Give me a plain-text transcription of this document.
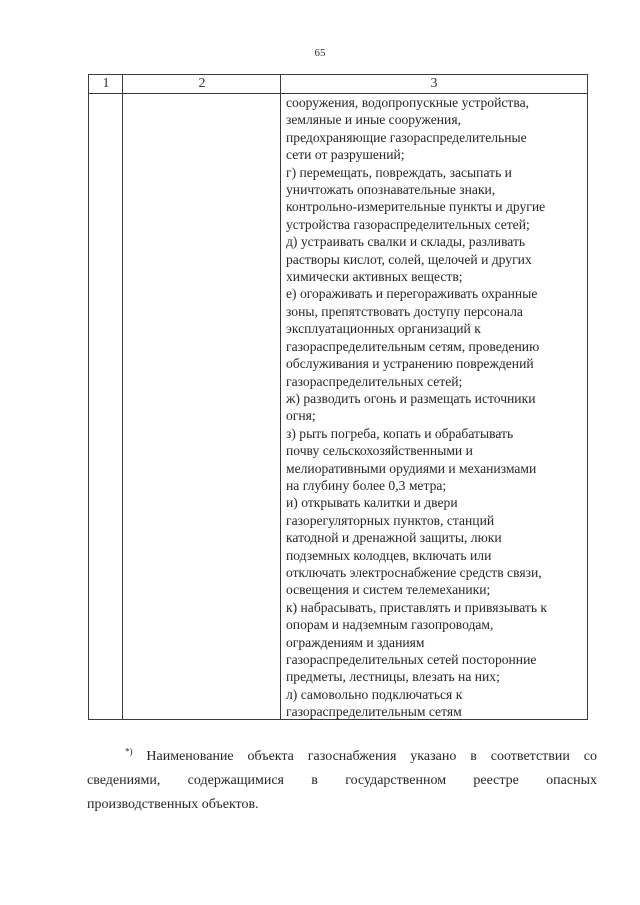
65
1	2	3
сооружения, водопропускные устройства,
земляные и иные сооружения,
предохраняющие газораспределительные
сети от разрушений;
г) перемещать, повреждать, засыпать и
уничтожать опознавательные знаки,
контрольно-измерительные пункты и другие
устройства газораспределительных сетей;
д) устраивать свалки и склады, разливать
растворы кислот, солей, щелочей и других
химически активных веществ;
е) огораживать и перегораживать охранные
зоны, препятствовать доступу персонала
эксплуатационных организаций к
газораспределительным сетям, проведению
обслуживания и устранению повреждений
газораспределительных сетей;
ж) разводить огонь и размещать источники
огня;
з) рыть погреба, копать и обрабатывать
почву сельскохозяйственными и
мелиоративными орудиями и механизмами
на глубину более 0,3 метра;
и) открывать калитки и двери
газорегуляторных пунктов, станций
катодной и дренажной защиты, люки
подземных колодцев, включать или
отключать электроснабжение средств связи,
освещения и систем телемеханики;
к) набрасывать, приставлять и привязывать к
опорам и надземным газопроводам,
ограждениям и зданиям
газораспределительных сетей посторонние
предметы, лестницы, влезать на них;
л) самовольно подключаться к
газораспределительным сетям
*) Наименование объекта газоснабжения указано в соответствии со
сведениями, содержащимися в государственном реестре опасных
производственных объектов.
